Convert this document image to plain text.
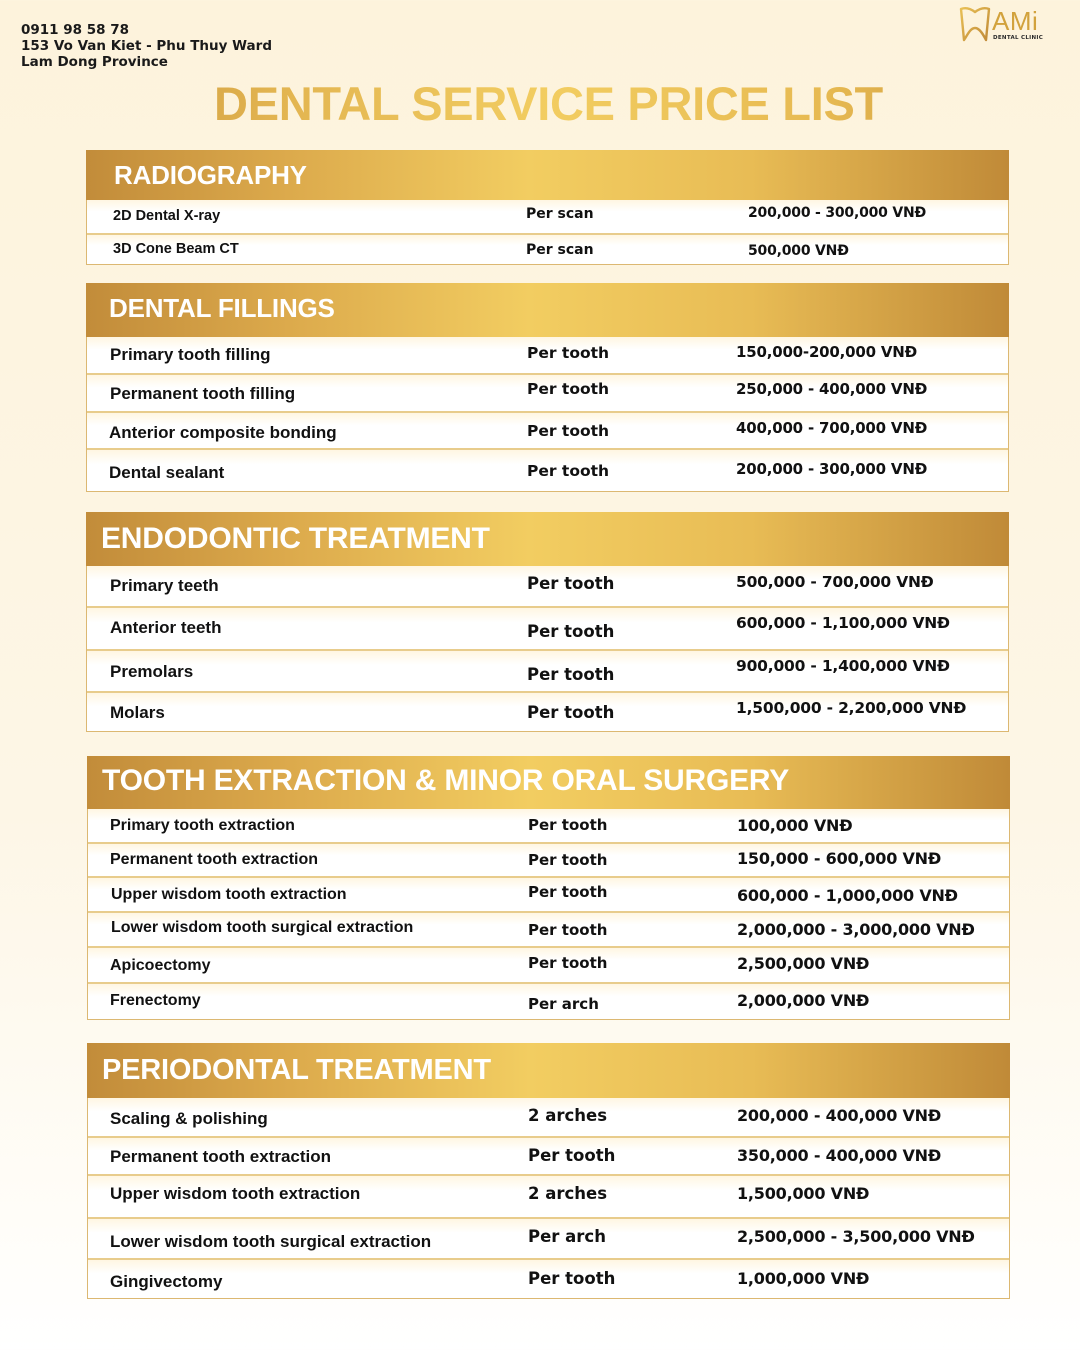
0911 98 58 78
153 Vo Van Kiet - Phu Thuy Ward
Lam Dong Province
AMi
DENTAL CLINIC
DENTAL SERVICE PRICE LIST
RADIOGRAPHY
2D Dental X-ray	Per scan	200,000 - 300,000 VNĐ
3D Cone Beam CT	Per scan	500,000 VNĐ
DENTAL FILLINGS
Primary tooth filling	Per tooth	150,000-200,000 VNĐ
Permanent tooth filling	Per tooth	250,000 - 400,000 VNĐ
Anterior composite bonding	Per tooth	400,000 - 700,000 VNĐ
Dental sealant	Per tooth	200,000 - 300,000 VNĐ
ENDODONTIC TREATMENT
Primary teeth	Per tooth	500,000 - 700,000 VNĐ
Anterior teeth	Per tooth	600,000 - 1,100,000 VNĐ
Premolars	Per tooth	900,000 - 1,400,000 VNĐ
Molars	Per tooth	1,500,000 - 2,200,000 VNĐ
TOOTH EXTRACTION & MINOR ORAL SURGERY
Primary tooth extraction	Per tooth	100,000 VNĐ
Permanent tooth extraction	Per tooth	150,000 - 600,000 VNĐ
Upper wisdom tooth extraction	Per tooth	600,000 - 1,000,000 VNĐ
Lower wisdom tooth surgical extraction	Per tooth	2,000,000 - 3,000,000 VNĐ
Apicoectomy	Per tooth	2,500,000 VNĐ
Frenectomy	Per arch	2,000,000 VNĐ
PERIODONTAL TREATMENT
Scaling & polishing	2 arches	200,000 - 400,000 VNĐ
Permanent tooth extraction	Per tooth	350,000 - 400,000 VNĐ
Upper wisdom tooth extraction	2 arches	1,500,000 VNĐ
Lower wisdom tooth surgical extraction	Per arch	2,500,000 - 3,500,000 VNĐ
Gingivectomy	Per tooth	1,000,000 VNĐ
